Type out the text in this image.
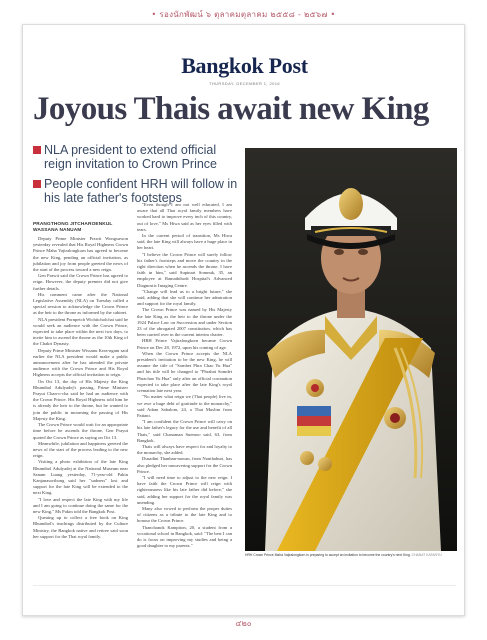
• รองนักพัฒน์ ๖ ตุลาคมตุลาคม ๒๕๕๘ - ๒๕๖๗ •
Bangkok Post
THURSDAY, DECEMBER 1, 2016
Joyous Thais await new King
NLA president to extend official reign invitation to Crown Prince
People confident HRH will follow in his late father's footsteps
PRANGTHONG JITCHAROENKUL WASSANA NANUAM

Deputy Prime Minister Prawit Wongsuwon yesterday revealed that His Royal Highness Crown Prince Maha Vajiralongkorn has agreed to become the new King, pending an official invitation, as jubilation and joy from people greeted the news of the start of the process toward a new reign.

Gen Prawit said the Crown Prince has agreed to reign. However, the deputy premier did not give further details.

His comment came after the National Legislative Assembly (NLA) on Tuesday called a special session to acknowledge the Crown Prince as the heir to the throne as informed by the cabinet.

NLA president Pornpetch Wichitcholchai said he would seek an audience with the Crown Prince, expected to take place within the next two days, to invite him to ascend the throne as the 10th King of the Chakri Dynasty.

Deputy Prime Minister Wissanu Krea-ngam said earlier the NLA president would make a public announcement after he has attended the private audience with the Crown Prince and His Royal Highness accepts the official invitation to reign.

On Oct 13, the day of His Majesty the King Bhumibol Adulyadej's passing, Prime Minister Prayut Chan-o-cha said he had an audience with the Crown Prince. His Royal Highness told him he is already the heir to the throne, but he wanted to join the public in mourning the passing of His Majesty the King.

The Crown Prince would wait for an appropriate time before he ascends the throne, Gen Prayut quoted the Crown Prince as saying on Oct 13.

Meanwhile, jubilation and happiness greeted the news of the start of the process leading to the new reign.

Visiting a photo exhibition of the late King Bhumibol Adulyadej at the National Museum near Sanam Luang yesterday, 71-year-old Pakin Kanjanasorthong said her "sadness" lost and support for the late King will be extended to the next King.

"I love and respect the late King with my life and I am going to continue doing the same for the new King," Ms Pakin told the Bangkok Post.

Queuing up to collect a free book on King Bhumibol's teachings distributed by the Culture Ministry, the Bangkok native and retiree said soon her support for the Thai royal family.

"Even though I am not well educated, I am aware that all Thai royal family members have worked hard to improve every inch of this country, out of love," Ms Hiwa said as her eyes filled with tears.

In the current period of transition, Ms Hiwa said, the late King will always have a huge place in her heart.

"I believe the Crown Prince will surely follow his father's footsteps and move the country in the right direction when he ascends the throne. I have faith in him," said Supinart Somnuk, 35, an employee at Ramathibodi Hospital's Advanced Diagnostic Imaging Centre.

"Change will lead us to a bright future," she said, adding that she will continue her admiration and support for the royal family.

The Crown Prince was named by His Majesty the late King as the heir to the throne under the 1924 Palace Law on Succession and under Section 23 of the abrogated 2007 constitution, which has been carried over in the current interim charter.

HRH Prince Vajiralongkorn became Crown Prince on Dec 28, 1972, upon his coming of age.

When the Crown Prince accepts the NLA president's invitation to be the new King, he will assume the title of "Sombet Phra Chao Yu Hua" and his title will be changed to "Phrabat Somdet Phrachao Yu Hua" only after an official coronation expected to take place after the late King's royal cremation late next year.

"No matter what reign we (Thai people) live in, we owe a huge debt of gratitude to the monarchy," said Adam Sabalom, 24, a Thai Muslim from Pattani.

"I am confident the Crown Prince will carry on his late father's legacy for the use and benefit of all Thais," said Chanaman Suemoo said, 63, from Bangkok.

Thais will always have respect for and loyalty to the monarchy, she added.

Dusadini Thanban-nawan, from Nonthaburi, has also pledged her unwavering support for the Crown Prince.

"I will need time to adjust to the new reign. I have faith the Crown Prince will reign with righteousness like his late father did before," she said, adding her support for the royal family was unending.

Many also vowed to perform the proper duties of citizens as a tribute to the late King and to honour the Crown Prince.

Thanchanok Kampiton, 20, a student from a vocational school in Bangkok, said: "The best I can do is focus on improving my studies and being a good daughter to my parents."

HRH Crown Prince Maha Vajiralongkorn is preparing to accept an invitation to become the country's next King. CHANAT KATANYU
๔๒๐
